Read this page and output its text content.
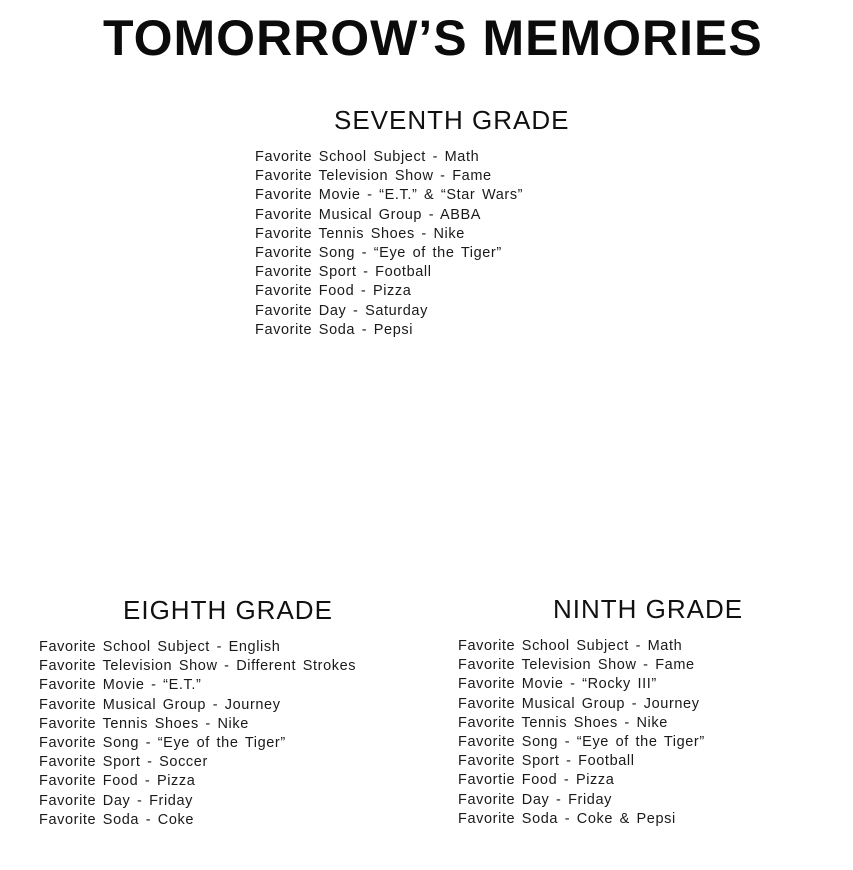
TOMORROW’S MEMORIES
SEVENTH GRADE
Favorite School Subject - Math
Favorite Television Show - Fame
Favorite Movie - “E.T.” & “Star Wars”
Favorite Musical Group - ABBA
Favorite Tennis Shoes - Nike
Favorite Song - “Eye of the Tiger”
Favorite Sport - Football
Favorite Food - Pizza
Favorite Day - Saturday
Favorite Soda - Pepsi
EIGHTH GRADE
Favorite School Subject - English
Favorite Television Show - Different Strokes
Favorite Movie - “E.T.”
Favorite Musical Group - Journey
Favorite Tennis Shoes - Nike
Favorite Song - “Eye of the Tiger”
Favorite Sport - Soccer
Favorite Food - Pizza
Favorite Day - Friday
Favorite Soda - Coke
NINTH GRADE
Favorite School Subject - Math
Favorite Television Show - Fame
Favorite Movie - “Rocky III”
Favorite Musical Group - Journey
Favorite Tennis Shoes - Nike
Favorite Song - “Eye of the Tiger”
Favorite Sport - Football
Favortie Food - Pizza
Favorite Day - Friday
Favorite Soda - Coke & Pepsi
